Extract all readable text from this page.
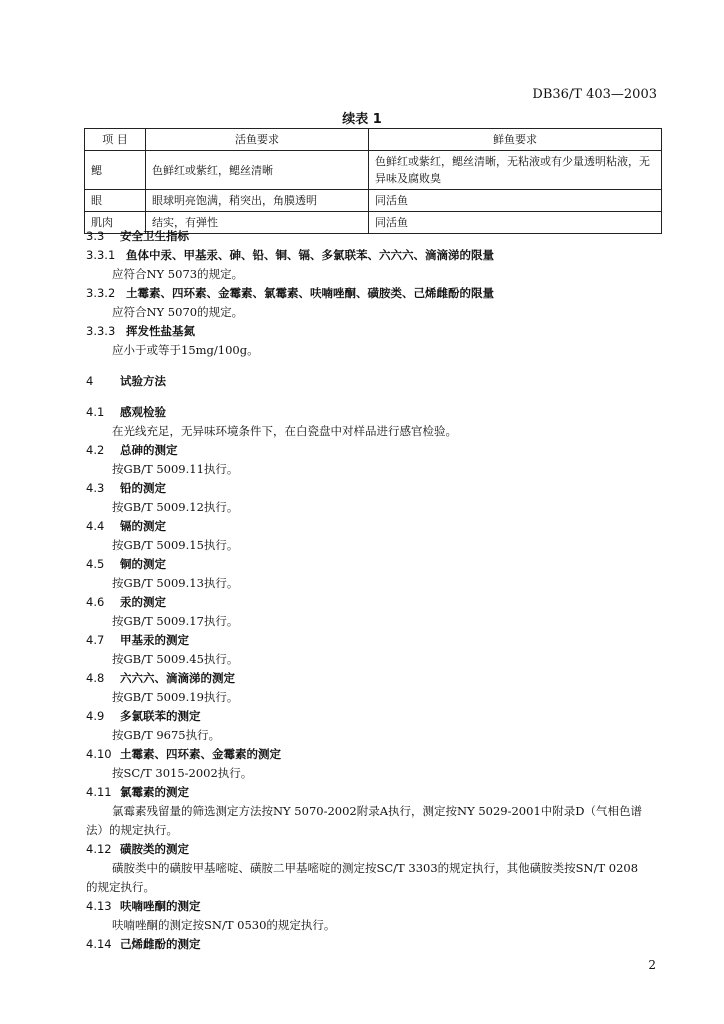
DB36/T 403—2003
续表 1
项 目	活鱼要求	鲜鱼要求
鳃	色鲜红或紫红，鳃丝清晰	色鲜红或紫红，鳃丝清晰，无粘液或有少量透明粘液，无异味及腐败臭
眼	眼球明亮饱满，稍突出，角膜透明	同活鱼
肌肉	结实，有弹性	同活鱼
3.3 安全卫生指标
3.3.1 鱼体中汞、甲基汞、砷、铅、铜、镉、多氯联苯、六六六、滴滴涕的限量
应符合NY 5073的规定。
3.3.2 土霉素、四环素、金霉素、氯霉素、呋喃唑酮、磺胺类、己烯雌酚的限量
应符合NY 5070的规定。
3.3.3 挥发性盐基氮
应小于或等于15mg/100g。
4 试验方法
4.1 感观检验
在光线充足，无异味环境条件下，在白瓷盘中对样品进行感官检验。
4.2 总砷的测定
按GB/T 5009.11执行。
4.3 铅的测定
按GB/T 5009.12执行。
4.4 镉的测定
按GB/T 5009.15执行。
4.5 铜的测定
按GB/T 5009.13执行。
4.6 汞的测定
按GB/T 5009.17执行。
4.7 甲基汞的测定
按GB/T 5009.45执行。
4.8 六六六、滴滴涕的测定
按GB/T 5009.19执行。
4.9 多氯联苯的测定
按GB/T 9675执行。
4.10 土霉素、四环素、金霉素的测定
按SC/T 3015-2002执行。
4.11 氯霉素的测定
氯霉素残留量的筛选测定方法按NY 5070-2002附录A执行，测定按NY 5029-2001中附录D（气相色谱
法）的规定执行。
4.12 磺胺类的测定
磺胺类中的磺胺甲基嘧啶、磺胺二甲基嘧啶的测定按SC/T 3303的规定执行，其他磺胺类按SN/T 0208
的规定执行。
4.13 呋喃唑酮的测定
呋喃唑酮的测定按SN/T 0530的规定执行。
4.14 己烯雌酚的测定
2
